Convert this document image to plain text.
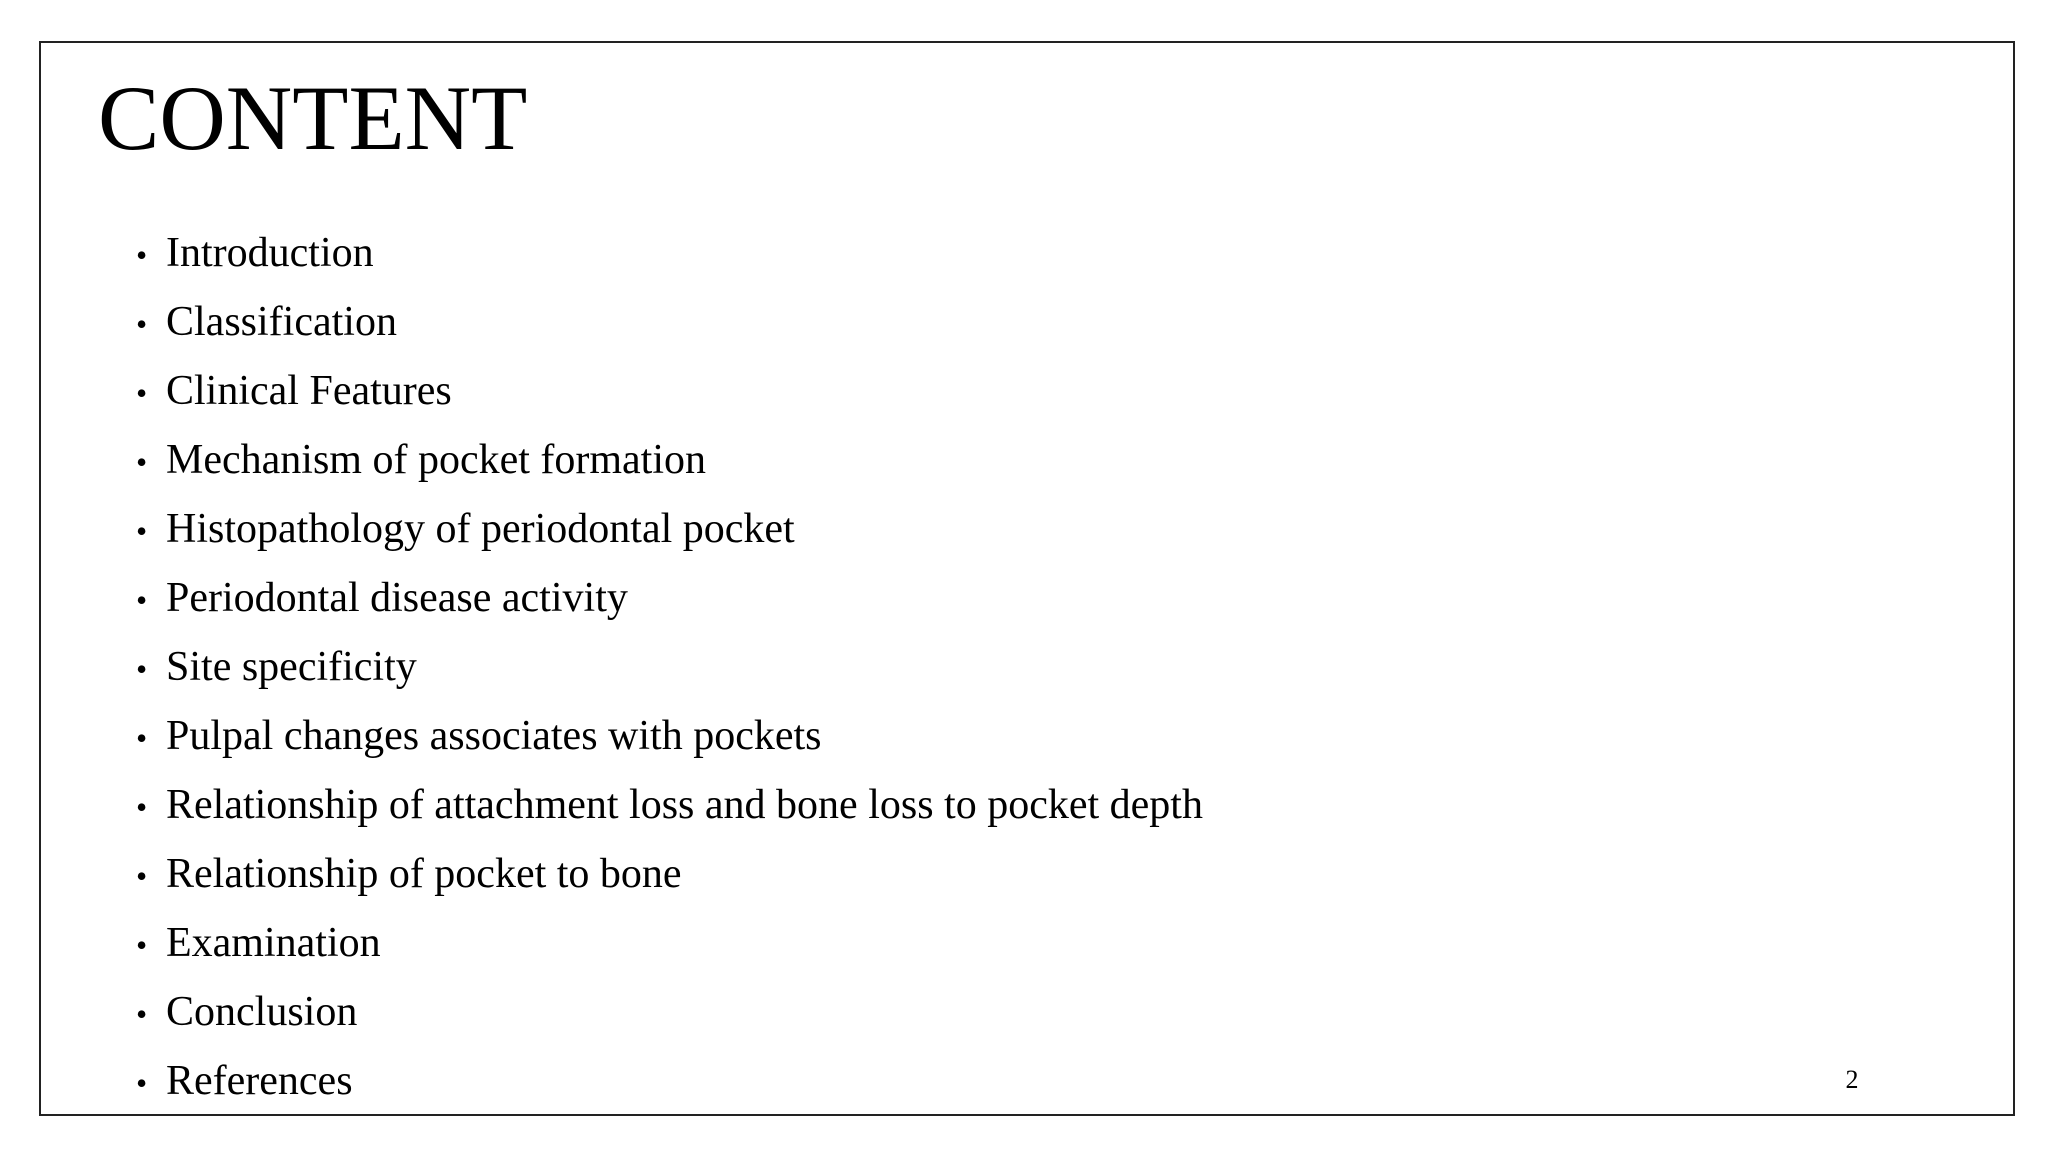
CONTENT
• Introduction
• Classification
• Clinical Features
• Mechanism of pocket formation
• Histopathology of periodontal pocket
• Periodontal disease activity
• Site specificity
• Pulpal changes associates with pockets
• Relationship of attachment loss and bone loss to pocket depth
• Relationship of pocket to bone
• Examination
• Conclusion
• References	2
